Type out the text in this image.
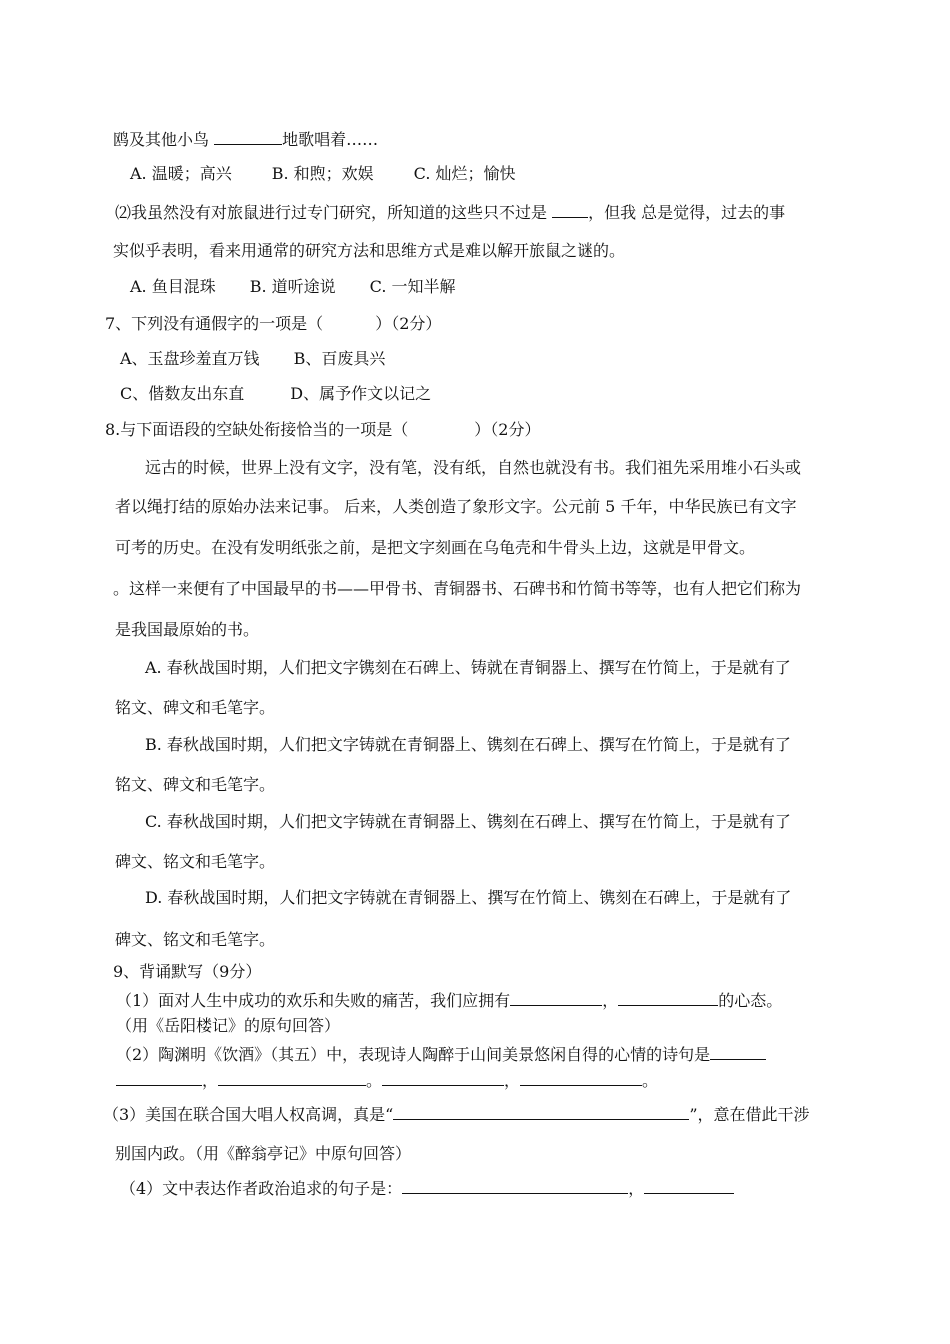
鸥及其他小鸟	地歌唱着……
A. 温暖；高兴	B. 和煦；欢娱	C. 灿烂；愉快
⑵我虽然没有对旅鼠进行过专门研究，所知道的这些只不过是 ，但我 总是觉得，过去的事
实似乎表明，看来用通常的研究方法和思维方式是难以解开旅鼠之谜的。
A. 鱼目混珠 B. 道听途说 C. 一知半解
7、下列没有通假字的一项是（	）（2分）
A、玉盘珍羞直万钱 B、百废具兴
C、偕数友出东直	D、属予作文以记之
8.与下面语段的空缺处衔接恰当的一项是（	）（2分）
远古的时候，世界上没有文字，没有笔，没有纸，自然也就没有书。我们祖先采用堆小石头或
者以绳打结的原始办法来记事。 后来，人类创造了象形文字。公元前 5 千年，中华民族已有文字
可考的历史。在没有发明纸张之前，是把文字刻画在乌龟壳和牛骨头上边，这就是甲骨文。
。这样一来便有了中国最早的书——甲骨书、青铜器书、石碑书和竹简书等等，也有人把它们称为
是我国最原始的书。
A. 春秋战国时期，人们把文字镌刻在石碑上、铸就在青铜器上、撰写在竹简上，于是就有了
铭文、碑文和毛笔字。
B. 春秋战国时期，人们把文字铸就在青铜器上、镌刻在石碑上、撰写在竹简上，于是就有了
铭文、碑文和毛笔字。
C. 春秋战国时期，人们把文字铸就在青铜器上、镌刻在石碑上、撰写在竹简上，于是就有了
碑文、铭文和毛笔字。
D. 春秋战国时期，人们把文字铸就在青铜器上、撰写在竹简上、镌刻在石碑上，于是就有了
碑文、铭文和毛笔字。
9、背诵默写（9分）
（1）面对人生中成功的欢乐和失败的痛苦，我们应拥有	，	的心态。
（用《岳阳楼记》的原句回答）
（2）陶渊明《饮酒》（其五）中，表现诗人陶醉于山间美景悠闲自得的心情的诗句是
，	。	，	。
（3）美国在联合国大唱人权高调，真是“	”，意在借此干涉
别国内政。（用《醉翁亭记》中原句回答）
（4）文中表达作者政治追求的句子是：	，
